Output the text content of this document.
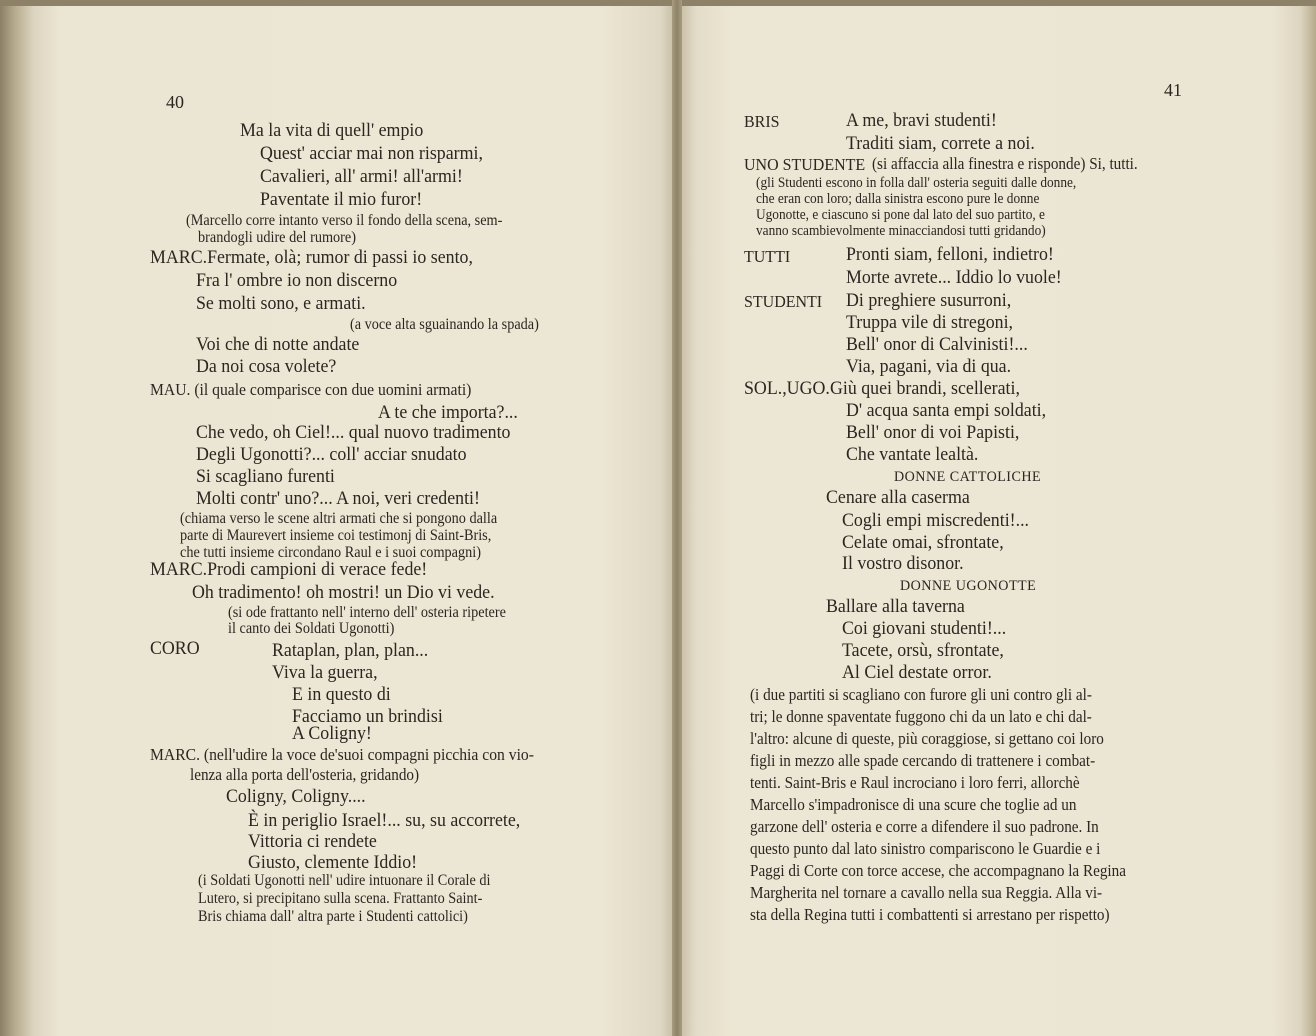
40
Ma la vita di quell' empio
Quest' acciar mai non risparmi,
Cavalieri, all' armi! all'armi!
Paventate il mio furor!
(Marcello corre intanto verso il fondo della scena, sem-
brandogli udire del rumore)
MARC.Fermate, olà; rumor di passi io sento,
Fra l' ombre io non discerno
Se molti sono, e armati.
(a voce alta sguainando la spada)
Voi che di notte andate
Da noi cosa volete?
MAU. (il quale comparisce con due uomini armati)
A te che importa?...
Che vedo, oh Ciel!... qual nuovo tradimento
Degli Ugonotti?... coll' acciar snudato
Si scagliano furenti
Molti contr' uno?... A noi, veri credenti!
(chiama verso le scene altri armati che si pongono dalla
parte di Maurevert insieme coi testimonj di Saint-Bris,
che tutti insieme circondano Raul e i suoi compagni)
MARC.Prodi campioni di verace fede!
Oh tradimento! oh mostri! un Dio vi vede.
(si ode frattanto nell' interno dell' osteria ripetere
il canto dei Soldati Ugonotti)
CORO	Rataplan, plan, plan...
Viva la guerra,
E in questo di
Facciamo un brindisi
A Coligny!
MARC. (nell'udire la voce de'suoi compagni picchia con vio-
lenza alla porta dell'osteria, gridando)
Coligny, Coligny....
È in periglio Israel!... su, su accorrete,
Vittoria ci rendete
Giusto, clemente Iddio!
(i Soldati Ugonotti nell' udire intuonare il Corale di
Lutero, si precipitano sulla scena. Frattanto Saint-
Bris chiama dall' altra parte i Studenti cattolici)
41
BRIS	A me, bravi studenti!
Traditi siam, correte a noi.
UNO STUDENTE (si affaccia alla finestra e risponde) Si, tutti.
(gli Studenti escono in folla dall' osteria seguiti dalle donne,
che eran con loro; dalla sinistra escono pure le donne
Ugonotte, e ciascuno si pone dal lato del suo partito, e
vanno scambievolmente minacciandosi tutti gridando)
TUTTI	Pronti siam, felloni, indietro!
Morte avrete... Iddio lo vuole!
STUDENTI Di preghiere susurroni,
Truppa vile di stregoni,
Bell' onor di Calvinisti!...
Via, pagani, via di qua.
SOL.,UGO. Giù quei brandi, scellerati,
D' acqua santa empi soldati,
Bell' onor di voi Papisti,
Che vantate lealtà.
DONNE CATTOLICHE
Cenare alla caserma
Cogli empi miscredenti!...
Celate omai, sfrontate,
Il vostro disonor.
DONNE UGONOTTE
Ballare alla taverna
Coi giovani studenti!...
Tacete, orsù, sfrontate,
Al Ciel destate orror.
(i due partiti si scagliano con furore gli uni contro gli al-
tri; le donne spaventate fuggono chi da un lato e chi dal-
l'altro: alcune di queste, più coraggiose, si gettano coi loro
figli in mezzo alle spade cercando di trattenere i combat-
tenti. Saint-Bris e Raul incrociano i loro ferri, allorchè
Marcello s'impadronisce di una scure che toglie ad un
garzone dell' osteria e corre a difendere il suo padrone. In
questo punto dal lato sinistro compariscono le Guardie e i
Paggi di Corte con torce accese, che accompagnano la Regina
Margherita nel tornare a cavallo nella sua Reggia. Alla vi-
sta della Regina tutti i combattenti si arrestano per rispetto)
